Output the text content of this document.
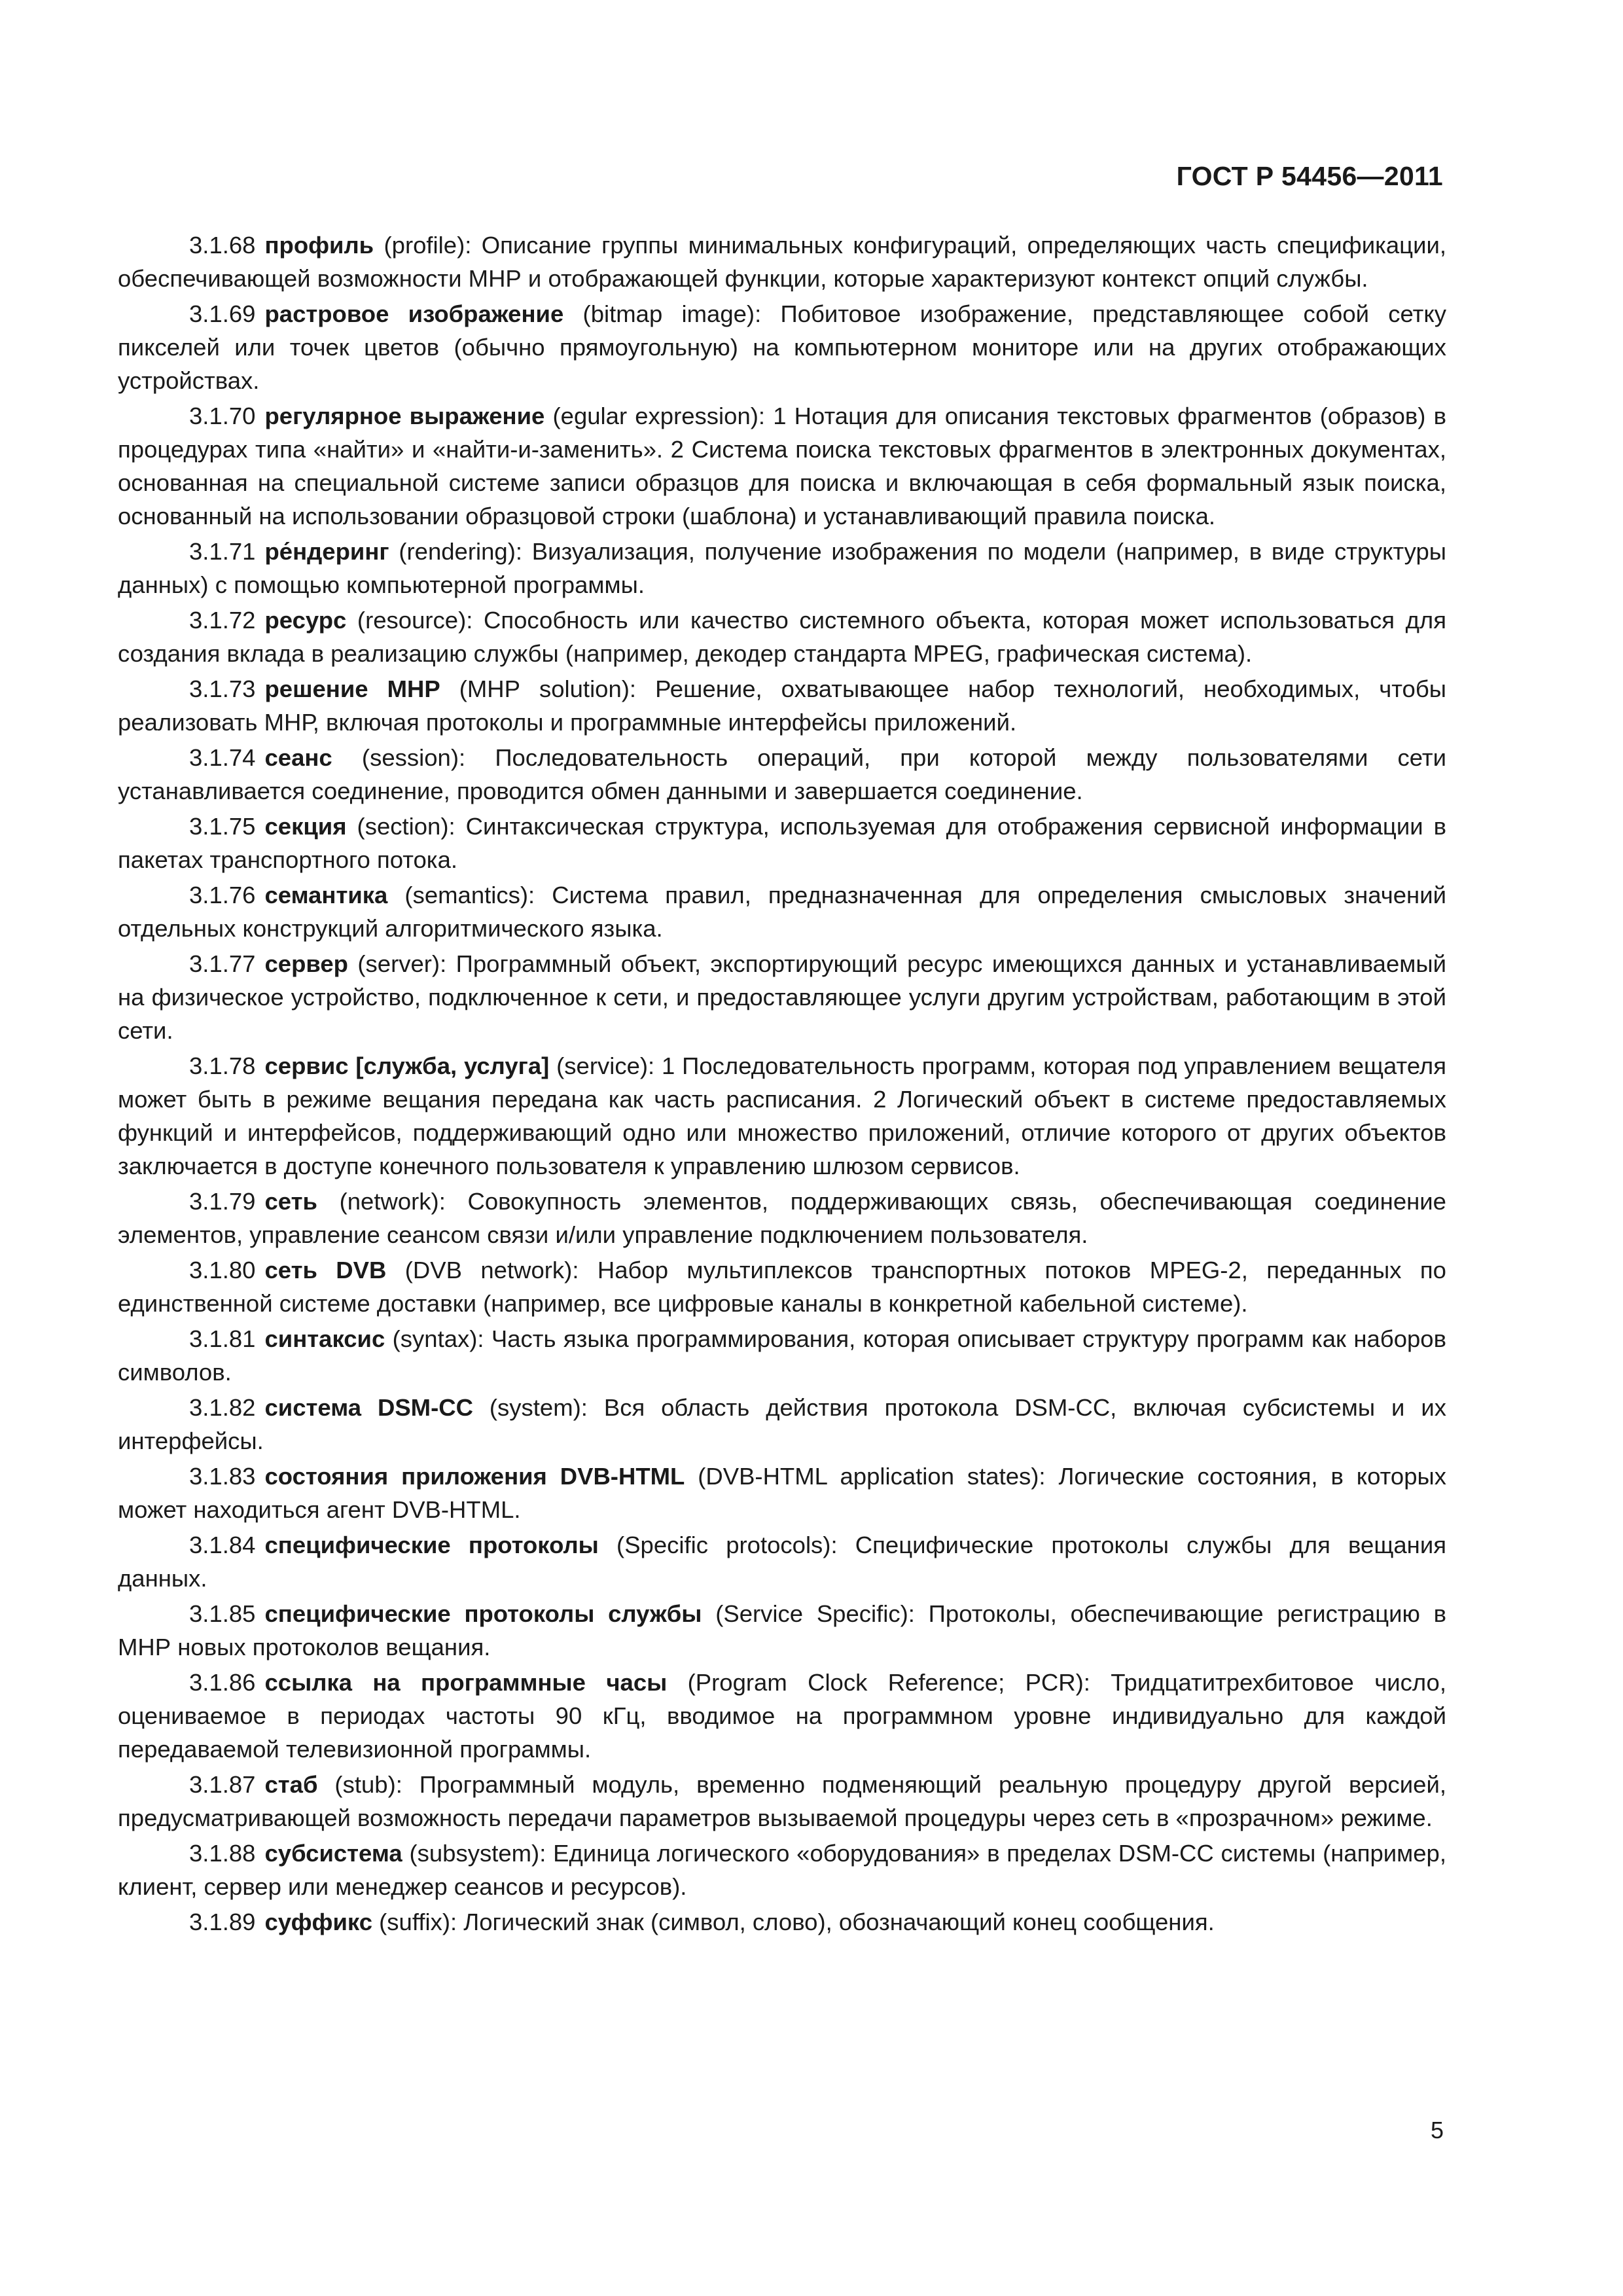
ГОСТ Р 54456—2011

3.1.68 профиль (profile): Описание группы минимальных конфигураций, определяющих часть спецификации, обеспечивающей возможности МНР и отображающей функции, которые характеризуют контекст опций службы.

3.1.69 растровое изображение (bitmap image): Побитовое изображение, представляющее собой сетку пикселей или точек цветов (обычно прямоугольную) на компьютерном мониторе или на других отображающих устройствах.

3.1.70 регулярное выражение (egular expression): 1 Нотация для описания текстовых фрагментов (образов) в процедурах типа «найти» и «найти-и-заменить». 2 Система поиска текстовых фрагментов в электронных документах, основанная на специальной системе записи образцов для поиска и включающая в себя формальный язык поиска, основанный на использовании образцовой строки (шаблона) и устанавливающий правила поиска.

3.1.71 ре́ндеринг (rendering): Визуализация, получение изображения по модели (например, в виде структуры данных) с помощью компьютерной программы.

3.1.72 ресурс (resource): Способность или качество системного объекта, которая может использоваться для создания вклада в реализацию службы (например, декодер стандарта MPEG, графическая система).

3.1.73 решение МНР (МНР solution): Решение, охватывающее набор технологий, необходимых, чтобы реализовать МНР, включая протоколы и программные интерфейсы приложений.

3.1.74 сеанс (session): Последовательность операций, при которой между пользователями сети устанавливается соединение, проводится обмен данными и завершается соединение.

3.1.75 секция (section): Синтаксическая структура, используемая для отображения сервисной информации в пакетах транспортного потока.

3.1.76 семантика (semantics): Система правил, предназначенная для определения смысловых значений отдельных конструкций алгоритмического языка.

3.1.77 сервер (server): Программный объект, экспортирующий ресурс имеющихся данных и устанавливаемый на физическое устройство, подключенное к сети, и предоставляющее услуги другим устройствам, работающим в этой сети.

3.1.78 сервис [служба, услуга] (service): 1 Последовательность программ, которая под управлением вещателя может быть в режиме вещания передана как часть расписания. 2 Логический объект в системе предоставляемых функций и интерфейсов, поддерживающий одно или множество приложений, отличие которого от других объектов заключается в доступе конечного пользователя к управлению шлюзом сервисов.

3.1.79 сеть (network): Совокупность элементов, поддерживающих связь, обеспечивающая соединение элементов, управление сеансом связи и/или управление подключением пользователя.

3.1.80 сеть DVB (DVB network): Набор мультиплексов транспортных потоков MPEG-2, переданных по единственной системе доставки (например, все цифровые каналы в конкретной кабельной системе).

3.1.81 синтаксис (syntax): Часть языка программирования, которая описывает структуру программ как наборов символов.

3.1.82 система DSM-CC (system): Вся область действия протокола DSM-CC, включая субсистемы и их интерфейсы.

3.1.83 состояния приложения DVB-HTML (DVB-HTML application states): Логические состояния, в которых может находиться агент DVB-HTML.

3.1.84 специфические протоколы (Specific protocols): Специфические протоколы службы для вещания данных.

3.1.85 специфические протоколы службы (Service Specific): Протоколы, обеспечивающие регистрацию в МНР новых протоколов вещания.

3.1.86 ссылка на программные часы (Program Clock Reference; PCR): Тридцатитрехбитовое число, оцениваемое в периодах частоты 90 кГц, вводимое на программном уровне индивидуально для каждой передаваемой телевизионной программы.

3.1.87 стаб (stub): Программный модуль, временно подменяющий реальную процедуру другой версией, предусматривающей возможность передачи параметров вызываемой процедуры через сеть в «прозрачном» режиме.

3.1.88 субсистема (subsystem): Единица логического «оборудования» в пределах DSM-CC системы (например, клиент, сервер или менеджер сеансов и ресурсов).

3.1.89 суффикс (suffix): Логический знак (символ, слово), обозначающий конец сообщения.

5
